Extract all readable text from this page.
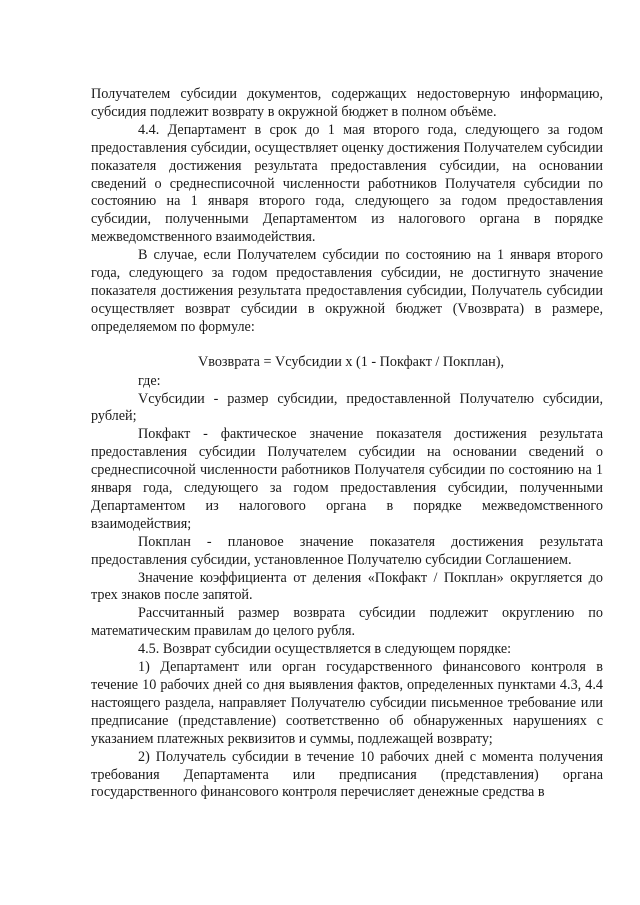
Получателем субсидии документов, содержащих недостоверную информацию, субсидия подлежит возврату в окружной бюджет в полном объёме.

4.4. Департамент в срок до 1 мая второго года, следующего за годом предоставления субсидии, осуществляет оценку достижения Получателем субсидии показателя достижения результата предоставления субсидии, на основании сведений о среднесписочной численности работников Получателя субсидии по состоянию на 1 января второго года, следующего за годом предоставления субсидии, полученными Департаментом из налогового органа в порядке межведомственного взаимодействия.

В случае, если Получателем субсидии по состоянию на 1 января второго года, следующего за годом предоставления субсидии, не достигнуто значение показателя достижения результата предоставления субсидии, Получатель субсидии осуществляет возврат субсидии в окружной бюджет (Vвозврата) в размере, определяемом по формуле:

Vвозврата = Vсубсидии x (1 - Покфакт / Покплан),

где:

Vсубсидии - размер субсидии, предоставленной Получателю субсидии, рублей;

Покфакт - фактическое значение показателя достижения результата предоставления субсидии Получателем субсидии на основании сведений о среднесписочной численности работников Получателя субсидии по состоянию на 1 января года, следующего за годом предоставления субсидии, полученными Департаментом из налогового органа в порядке межведомственного взаимодействия;

Покплан - плановое значение показателя достижения результата предоставления субсидии, установленное Получателю субсидии Соглашением.

Значение коэффициента от деления «Покфакт / Покплан» округляется до трех знаков после запятой.

Рассчитанный размер возврата субсидии подлежит округлению по математическим правилам до целого рубля.

4.5. Возврат субсидии осуществляется в следующем порядке:

1) Департамент или орган государственного финансового контроля в течение 10 рабочих дней со дня выявления фактов, определенных пунктами 4.3, 4.4 настоящего раздела, направляет Получателю субсидии письменное требование или предписание (представление) соответственно об обнаруженных нарушениях с указанием платежных реквизитов и суммы, подлежащей возврату;

2) Получатель субсидии в течение 10 рабочих дней с момента получения требования Департамента или предписания (представления) органа государственного финансового контроля перечисляет денежные средства в
